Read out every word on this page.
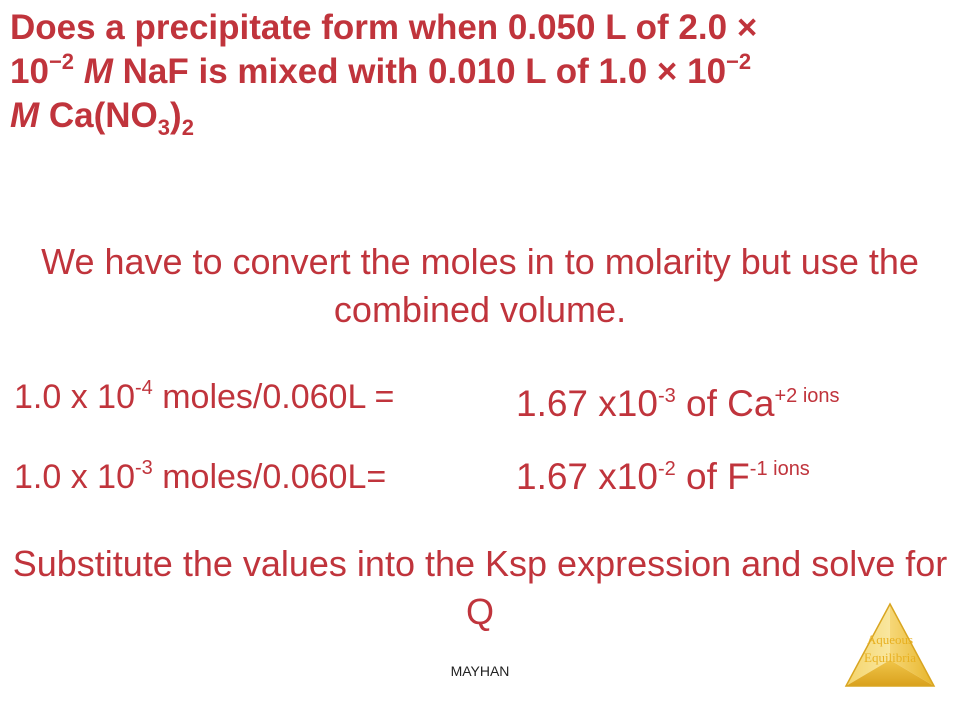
Does a precipitate form when 0.050 L of 2.0 ×
$10^{-2}$ M NaF is mixed with 0.010 L of $1.0 \times 10^{-2}$
M $Ca(NO_3)_2$
We have to convert the moles in to molarity but use the combined volume.
1.0 x $10^{-4}$ moles/0.060L =	1.67 $x10^{-3}$ of $Ca^{+2 ions}$
1.0 x $10^{-3}$ moles/0.060L=	1.67 $x10^{-2}$ of $F^{-1 ions}$
Substitute the values into the Ksp expression and solve for Q
MAYHAN
Aqueous
Equilibria
